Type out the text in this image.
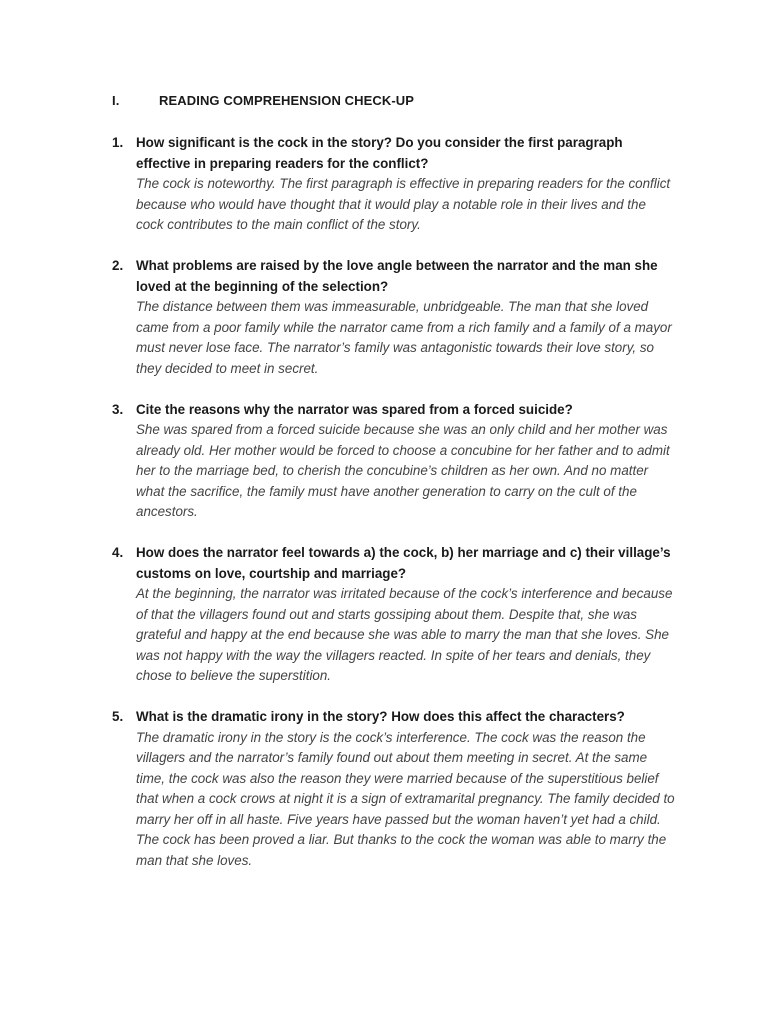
I.	READING COMPREHENSION CHECK-UP
1. How significant is the cock in the story? Do you consider the first paragraph effective in preparing readers for the conflict?

The cock is noteworthy. The first paragraph is effective in preparing readers for the conflict because who would have thought that it would play a notable role in their lives and the cock contributes to the main conflict of the story.

2. What problems are raised by the love angle between the narrator and the man she loved at the beginning of the selection?

The distance between them was immeasurable, unbridgeable. The man that she loved came from a poor family while the narrator came from a rich family and a family of a mayor must never lose face. The narrator’s family was antagonistic towards their love story, so they decided to meet in secret.

3. Cite the reasons why the narrator was spared from a forced suicide?

She was spared from a forced suicide because she was an only child and her mother was already old. Her mother would be forced to choose a concubine for her father and to admit her to the marriage bed, to cherish the concubine’s children as her own. And no matter what the sacrifice, the family must have another generation to carry on the cult of the ancestors.

4. How does the narrator feel towards a) the cock, b) her marriage and c) their village’s customs on love, courtship and marriage?

At the beginning, the narrator was irritated because of the cock’s interference and because of that the villagers found out and starts gossiping about them. Despite that, she was grateful and happy at the end because she was able to marry the man that she loves. She was not happy with the way the villagers reacted. In spite of her tears and denials, they chose to believe the superstition.

5. What is the dramatic irony in the story? How does this affect the characters?

The dramatic irony in the story is the cock’s interference. The cock was the reason the villagers and the narrator’s family found out about them meeting in secret. At the same time, the cock was also the reason they were married because of the superstitious belief that when a cock crows at night it is a sign of extramarital pregnancy. The family decided to marry her off in all haste. Five years have passed but the woman haven’t yet had a child. The cock has been proved a liar. But thanks to the cock the woman was able to marry the man that she loves.
